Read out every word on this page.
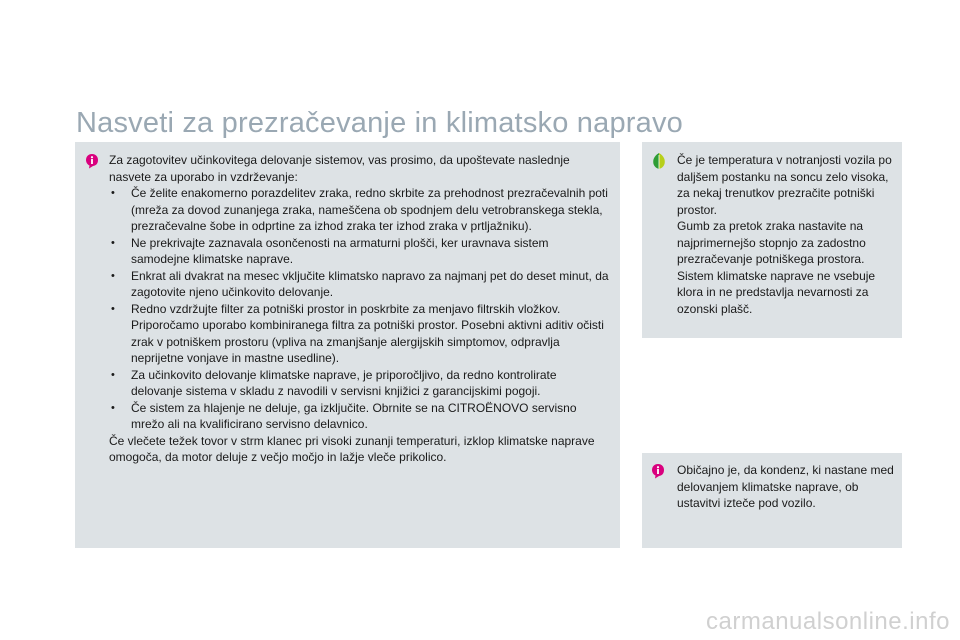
Nasveti za prezračevanje in klimatsko napravo

Za zagotovitev učinkovitega delovanje sistemov, vas prosimo, da upoštevate naslednje nasvete za uporabo in vzdrževanje:

• Če želite enakomerno porazdelitev zraka, redno skrbite za prehodnost prezračevalnih poti (mreža za dovod zunanjega zraka, nameščena ob spodnjem delu vetrobranskega stekla, prezračevalne šobe in odprtine za izhod zraka ter izhod zraka v prtljažniku).
• Ne prekrivajte zaznavala osončenosti na armaturni plošči, ker uravnava sistem samodejne klimatske naprave.
• Enkrat ali dvakrat na mesec vključite klimatsko napravo za najmanj pet do deset minut, da zagotovite njeno učinkovito delovanje.
• Redno vzdržujte filter za potniški prostor in poskrbite za menjavo filtrskih vložkov. Priporočamo uporabo kombiniranega filtra za potniški prostor. Posebni aktivni aditiv očisti zrak v potniškem prostoru (vpliva na zmanjšanje alergijskih simptomov, odpravlja neprijetne vonjave in mastne usedline).
• Za učinkovito delovanje klimatske naprave, je priporočljivo, da redno kontrolirate delovanje sistema v skladu z navodili v servisni knjižici z garancijskimi pogoji.
• Če sistem za hlajenje ne deluje, ga izključite. Obrnite se na CITROËNOVO servisno mrežo ali na kvalificirano servisno delavnico.

Če vlečete težek tovor v strm klanec pri visoki zunanji temperaturi, izklop klimatske naprave omogoča, da motor deluje z večjo močjo in lažje vleče prikolico.

Če je temperatura v notranjosti vozila po daljšem postanku na soncu zelo visoka, za nekaj trenutkov prezračite potniški prostor.

Gumb za pretok zraka nastavite na najprimernejšo stopnjo za zadostno prezračevanje potniškega prostora.

Sistem klimatske naprave ne vsebuje klora in ne predstavlja nevarnosti za ozonski plašč.

Običajno je, da kondenz, ki nastane med delovanjem klimatske naprave, ob ustavitvi izteče pod vozilo.

carmanualsonline.info
